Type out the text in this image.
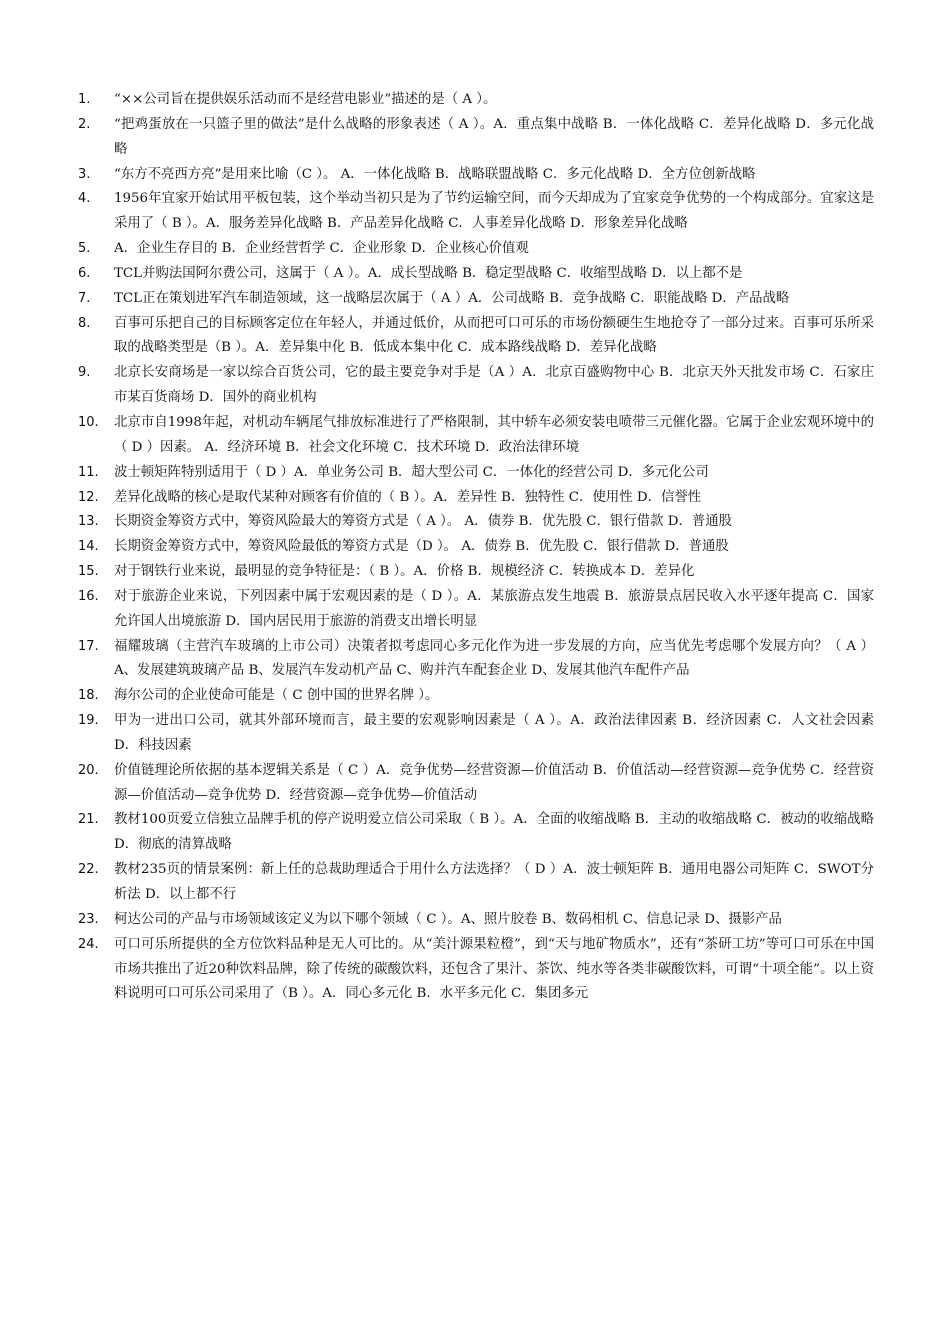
1. “××公司旨在提供娱乐活动而不是经营电影业”描述的是（ A ）。
2. “把鸡蛋放在一只篮子里的做法”是什么战略的形象表述（ A ）。A．重点集中战略 B．一体化战略 C．差异化战略 D．多元化战略
3. “东方不亮西方亮”是用来比喻（C ）。 A．一体化战略 B．战略联盟战略 C．多元化战略 D．全方位创新战略
4. 1956年宜家开始试用平板包装，这个举动当初只是为了节约运输空间，而今天却成为了宜家竞争优势的一个构成部分。宜家这是采用了（ B ）。A．服务差异化战略 B．产品差异化战略 C．人事差异化战略 D．形象差异化战略
5. A．企业生存目的 B．企业经营哲学 C．企业形象 D．企业核心价值观
6. TCL并购法国阿尔费公司，这属于（ A ）。A．成长型战略 B．稳定型战略 C．收缩型战略 D．以上都不是
7. TCL正在策划进军汽车制造领域，这一战略层次属于（ A ）A．公司战略 B．竞争战略 C．职能战略 D．产品战略
8. 百事可乐把自己的目标顾客定位在年轻人，并通过低价，从而把可口可乐的市场份额硬生生地抢夺了一部分过来。百事可乐所采取的战略类型是（B ）。A．差异集中化 B．低成本集中化 C．成本路线战略 D．差异化战略
9. 北京长安商场是一家以综合百货公司，它的最主要竞争对手是（A ）A．北京百盛购物中心 B．北京天外天批发市场 C．石家庄市某百货商场 D．国外的商业机构
10. 北京市自1998年起，对机动车辆尾气排放标准进行了严格限制，其中轿车必须安装电喷带三元催化器。它属于企业宏观环境中的（ D ）因素。 A．经济环境 B．社会文化环境 C．技术环境 D．政治法律环境
11. 波士顿矩阵特别适用于（ D ）A．单业务公司 B．超大型公司 C．一体化的经营公司 D．多元化公司
12. 差异化战略的核心是取代某种对顾客有价值的（ B ）。A．差异性 B．独特性 C．使用性 D．信誉性
13. 长期资金筹资方式中，筹资风险最大的筹资方式是（ A ）。 A．债券 B．优先股 C．银行借款 D．普通股
14. 长期资金筹资方式中，筹资风险最低的筹资方式是（D ）。 A．债券 B．优先股 C．银行借款 D．普通股
15. 对于钢铁行业来说，最明显的竞争特征是：（ B ）。A．价格 B．规模经济 C．转换成本 D．差异化
16. 对于旅游企业来说，下列因素中属于宏观因素的是（ D ）。A．某旅游点发生地震 B．旅游景点居民收入水平逐年提高 C．国家允许国人出境旅游 D．国内居民用于旅游的消费支出增长明显
17. 福耀玻璃（主营汽车玻璃的上市公司）决策者拟考虑同心多元化作为进一步发展的方向，应当优先考虑哪个发展方向？（ A ）A、发展建筑玻璃产品 B、发展汽车发动机产品 C、购并汽车配套企业 D、发展其他汽车配件产品
18. 海尔公司的企业使命可能是（ C 创中国的世界名牌 ）。
19. 甲为一进出口公司，就其外部环境而言，最主要的宏观影响因素是（ A ）。A．政治法律因素 B．经济因素 C．人文社会因素 D．科技因素
20. 价值链理论所依据的基本逻辑关系是（ C ）A．竞争优势—经营资源—价值活动 B．价值活动—经营资源—竞争优势 C．经营资源—价值活动—竞争优势 D．经营资源—竞争优势—价值活动
21. 教材100页爱立信独立品牌手机的停产说明爱立信公司采取（ B ）。A．全面的收缩战略 B．主动的收缩战略 C．被动的收缩战略 D．彻底的清算战略
22. 教材235页的情景案例：新上任的总裁助理适合于用什么方法选择？（ D ）A．波士顿矩阵 B．通用电器公司矩阵 C．SWOT分析法 D．以上都不行
23. 柯达公司的产品与市场领域该定义为以下哪个领域（ C ）。A、照片胶卷 B、数码相机 C、信息记录 D、摄影产品
24. 可口可乐所提供的全方位饮料品种是无人可比的。从“美汁源果粒橙”，到“天与地矿物质水”，还有“茶研工坊”等可口可乐在中国市场共推出了近20种饮料品牌，除了传统的碳酸饮料，还包含了果汁、茶饮、纯水等各类非碳酸饮料，可谓“十项全能”。以上资料说明可口可乐公司采用了（B ）。A．同心多元化 B．水平多元化 C．集团多元
